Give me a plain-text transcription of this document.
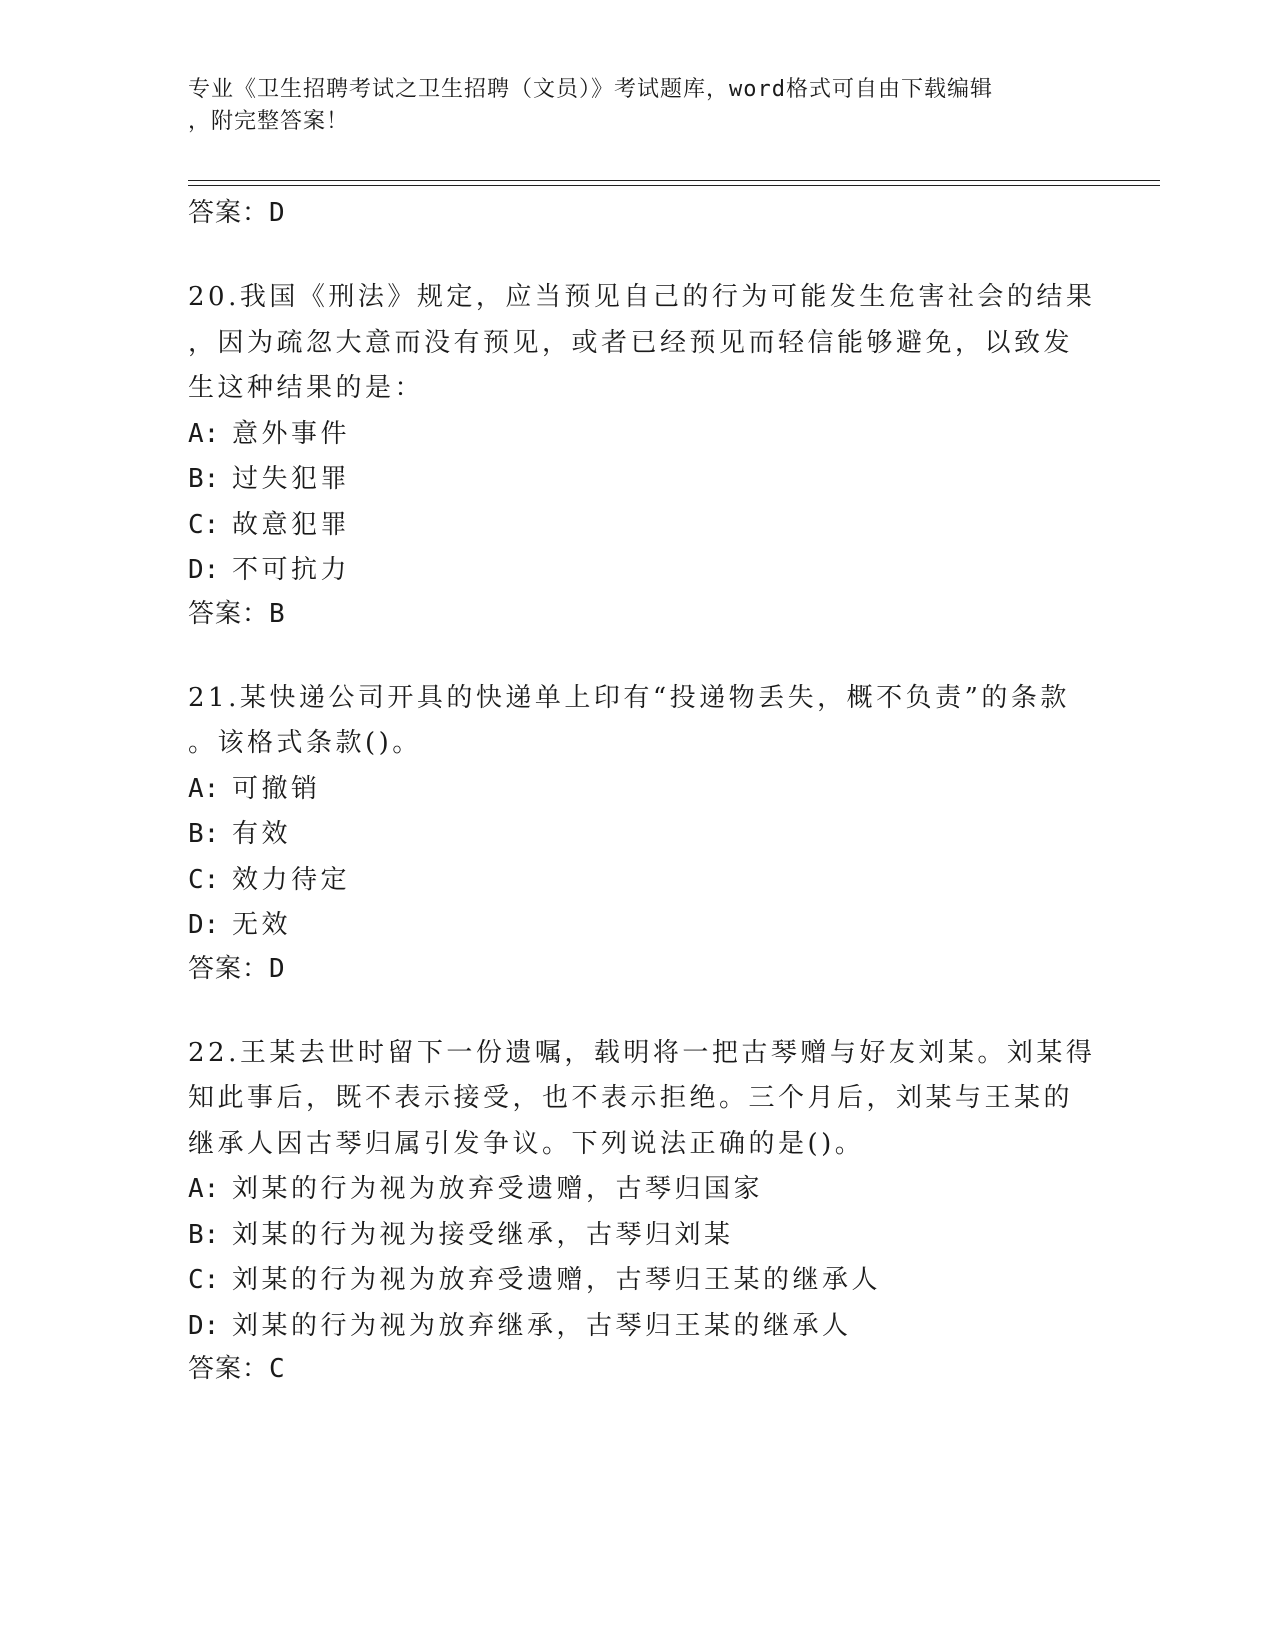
专业《卫生招聘考试之卫生招聘（文员）》考试题库，word格式可自由下载编辑
，附完整答案！
答案：D
20.我国《刑法》规定，应当预见自己的行为可能发生危害社会的结果
，因为疏忽大意而没有预见，或者已经预见而轻信能够避免，以致发
生这种结果的是：
A: 意外事件
B: 过失犯罪
C: 故意犯罪
D: 不可抗力
答案：B
21.某快递公司开具的快递单上印有“投递物丢失，概不负责”的条款
。该格式条款()。
A: 可撤销
B: 有效
C: 效力待定
D: 无效
答案：D
22.王某去世时留下一份遗嘱，载明将一把古琴赠与好友刘某。刘某得
知此事后，既不表示接受，也不表示拒绝。三个月后，刘某与王某的
继承人因古琴归属引发争议。下列说法正确的是()。
A: 刘某的行为视为放弃受遗赠，古琴归国家
B: 刘某的行为视为接受继承，古琴归刘某
C: 刘某的行为视为放弃受遗赠，古琴归王某的继承人
D: 刘某的行为视为放弃继承，古琴归王某的继承人
答案：C
